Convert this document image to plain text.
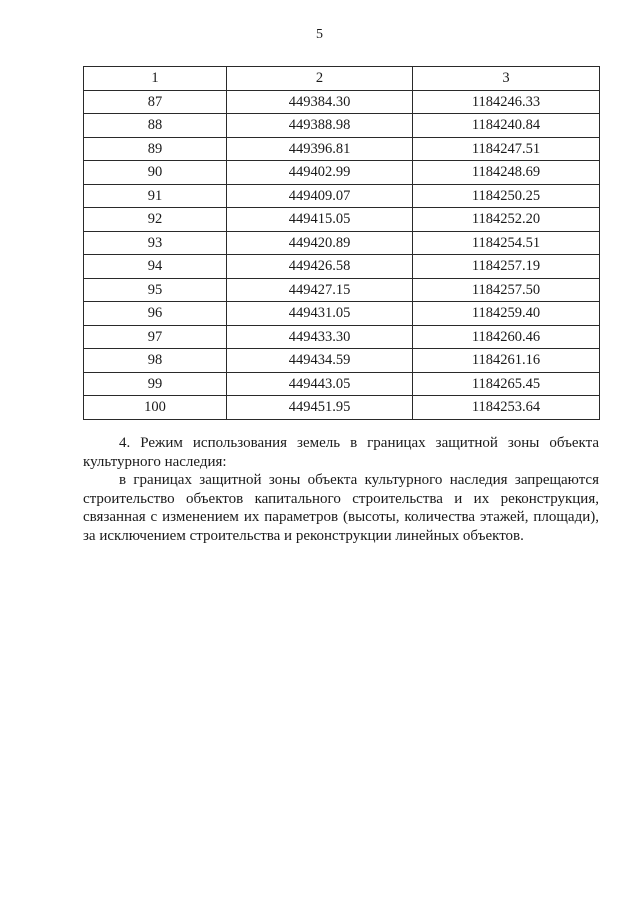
5
1	2	3
87	449384.30	1184246.33
88	449388.98	1184240.84
89	449396.81	1184247.51
90	449402.99	1184248.69
91	449409.07	1184250.25
92	449415.05	1184252.20
93	449420.89	1184254.51
94	449426.58	1184257.19
95	449427.15	1184257.50
96	449431.05	1184259.40
97	449433.30	1184260.46
98	449434.59	1184261.16
99	449443.05	1184265.45
100	449451.95	1184253.64

4. Режим использования земель в границах защитной зоны объекта культурного наследия:

в границах защитной зоны объекта культурного наследия запрещаются строительство объектов капитального строительства и их реконструкция, связанная с изменением их параметров (высоты, количества этажей, площади), за исключением строительства и реконструкции линейных объектов.
